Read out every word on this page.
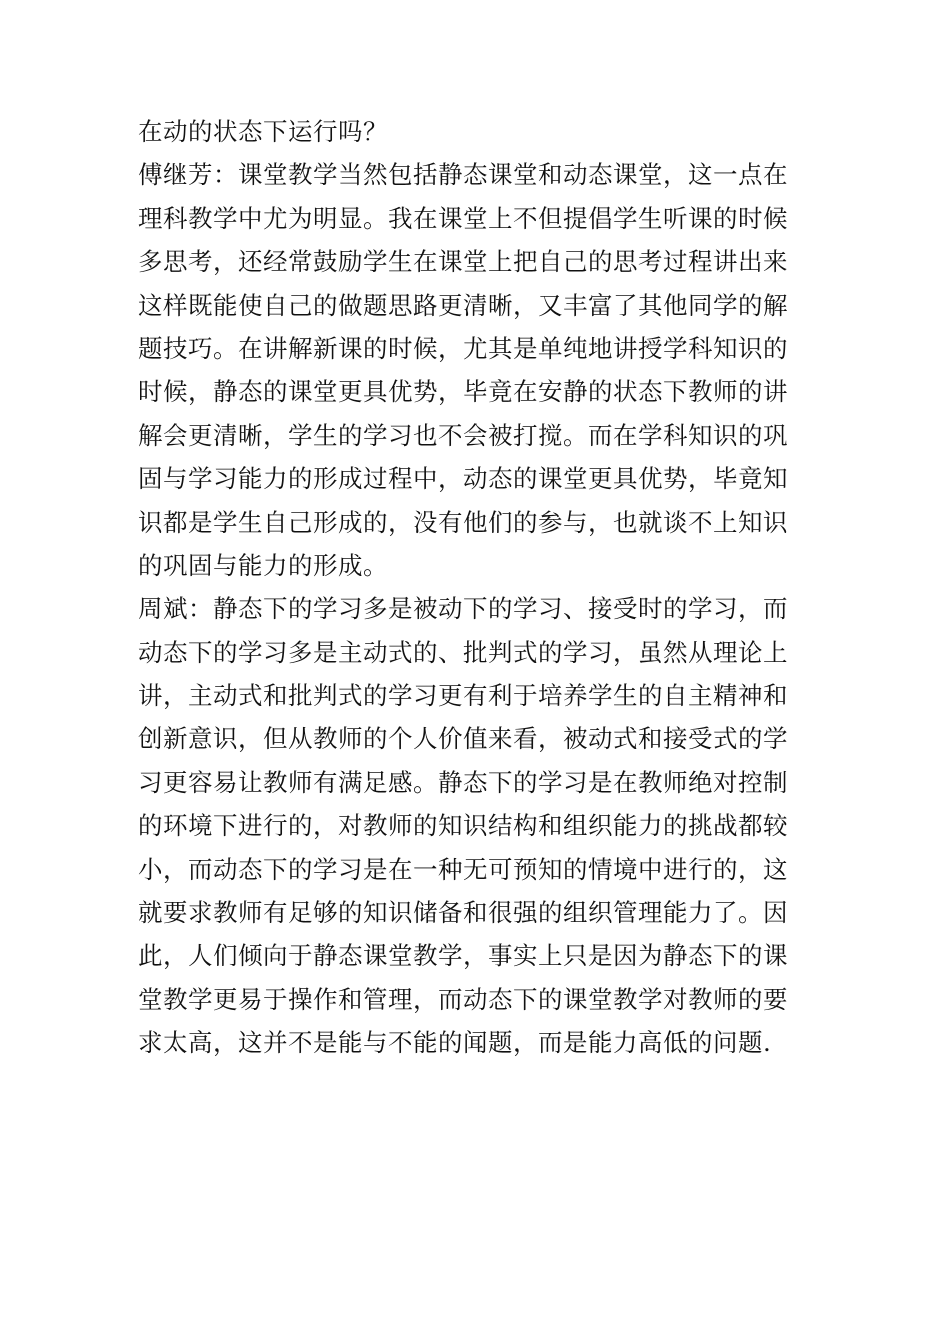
在动的状态下运行吗？
傅继芳：课堂教学当然包括静态课堂和动态课堂，这一点在
理科教学中尤为明显。我在课堂上不但提倡学生听课的时候
多思考，还经常鼓励学生在课堂上把自己的思考过程讲出来
这样既能使自己的做题思路更清晰，又丰富了其他同学的解
题技巧。在讲解新课的时候，尤其是单纯地讲授学科知识的
时候，静态的课堂更具优势，毕竟在安静的状态下教师的讲
解会更清晰，学生的学习也不会被打搅。而在学科知识的巩
固与学习能力的形成过程中，动态的课堂更具优势，毕竟知
识都是学生自己形成的，没有他们的参与，也就谈不上知识
的巩固与能力的形成。
周斌：静态下的学习多是被动下的学习、接受时的学习，而
动态下的学习多是主动式的、批判式的学习，虽然从理论上
讲，主动式和批判式的学习更有利于培养学生的自主精神和
创新意识，但从教师的个人价值来看，被动式和接受式的学
习更容易让教师有满足感。静态下的学习是在教师绝对控制
的环境下进行的，对教师的知识结构和组织能力的挑战都较
小，而动态下的学习是在一种无可预知的情境中进行的，这
就要求教师有足够的知识储备和很强的组织管理能力了。因
此，人们倾向于静态课堂教学，事实上只是因为静态下的课
堂教学更易于操作和管理，而动态下的课堂教学对教师的要
求太高，这并不是能与不能的闻题，而是能力高低的问题.
